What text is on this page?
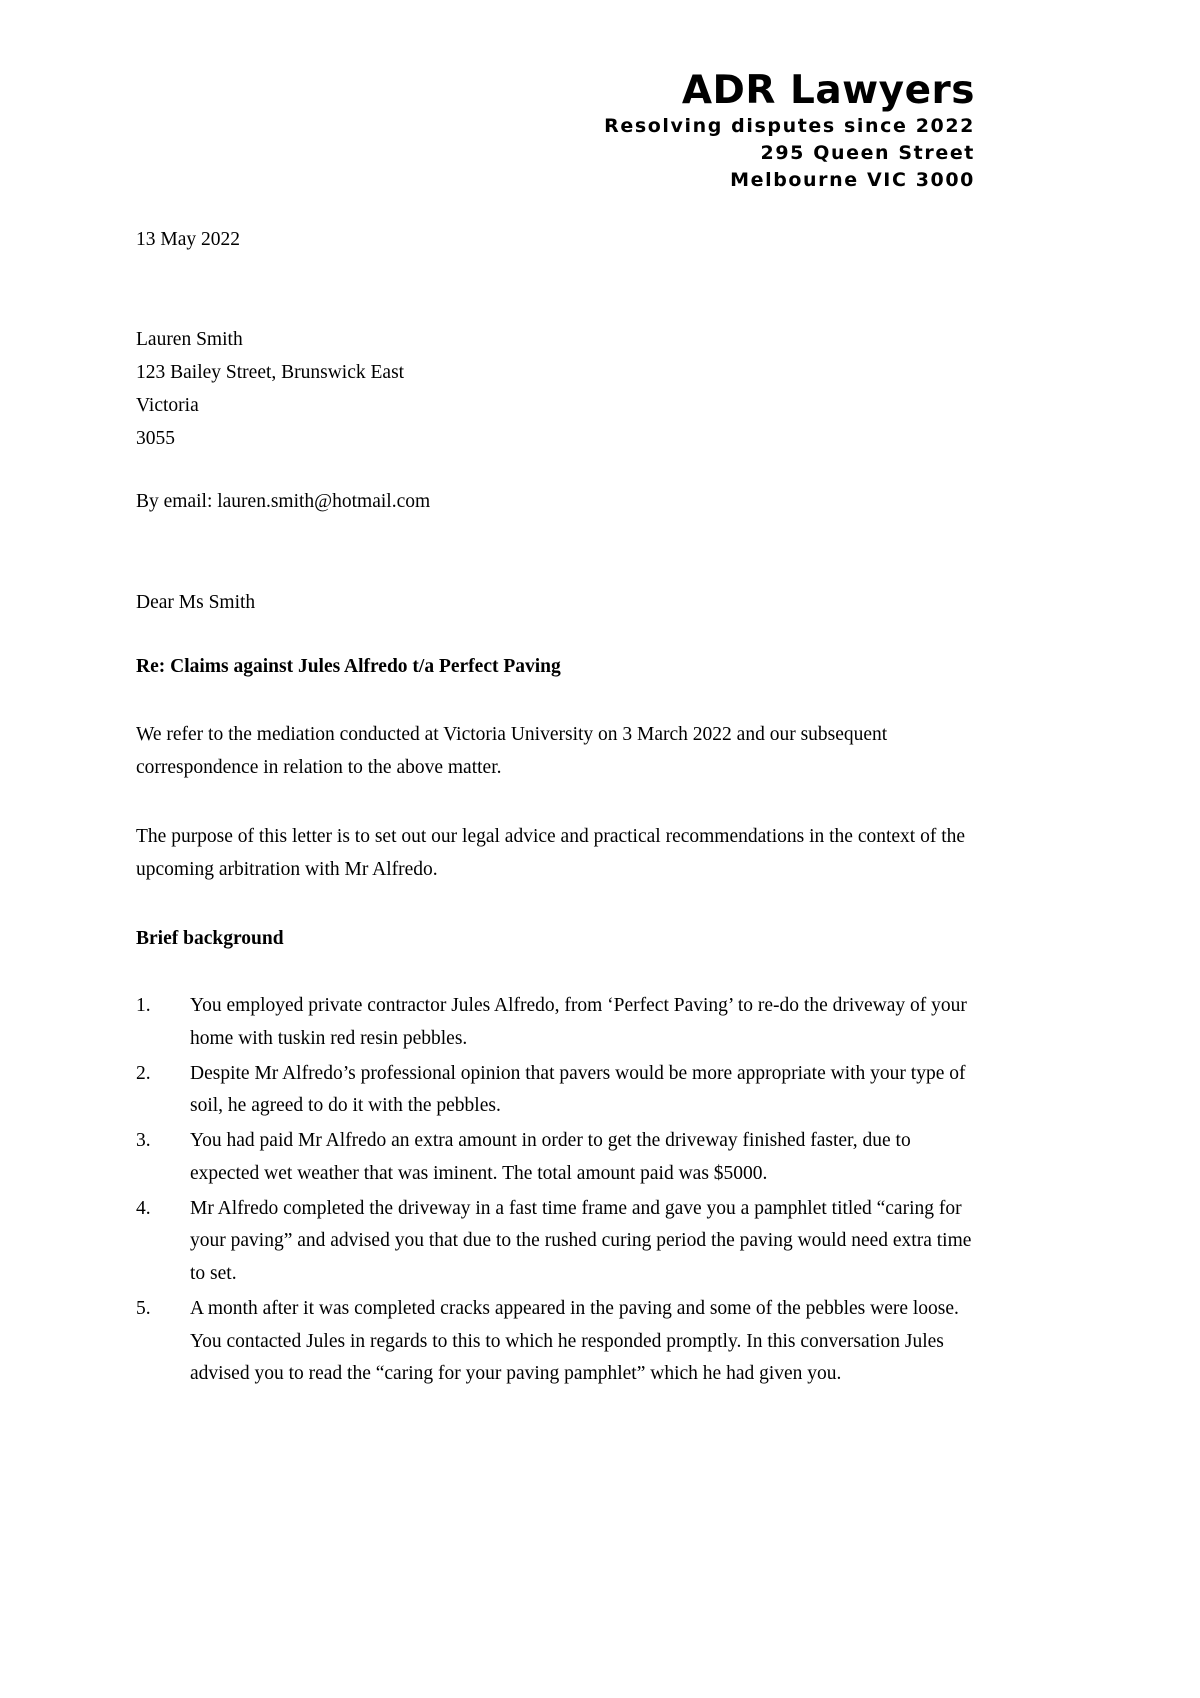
ADR Lawyers
Resolving disputes since 2022
295 Queen Street
Melbourne VIC 3000
13 May 2022
Lauren Smith
123 Bailey Street, Brunswick East
Victoria
3055
By email: lauren.smith@hotmail.com
Dear Ms Smith
Re: Claims against Jules Alfredo t/a Perfect Paving

We refer to the mediation conducted at Victoria University on 3 March 2022 and our subsequent correspondence in relation to the above matter.

The purpose of this letter is to set out our legal advice and practical recommendations in the context of the upcoming arbitration with Mr Alfredo.

Brief background
1.	You employed private contractor Jules Alfredo, from ‘Perfect Paving’ to re-do the driveway of your home with tuskin red resin pebbles.
2.	Despite Mr Alfredo’s professional opinion that pavers would be more appropriate with your type of soil, he agreed to do it with the pebbles.
3.	You had paid Mr Alfredo an extra amount in order to get the driveway finished faster, due to expected wet weather that was iminent. The total amount paid was $5000.
4.	Mr Alfredo completed the driveway in a fast time frame and gave you a pamphlet titled “caring for your paving” and advised you that due to the rushed curing period the paving would need extra time to set.
5.	A month after it was completed cracks appeared in the paving and some of the pebbles were loose. You contacted Jules in regards to this to which he responded promptly. In this conversation Jules advised you to read the “caring for your paving pamphlet” which he had given you.
